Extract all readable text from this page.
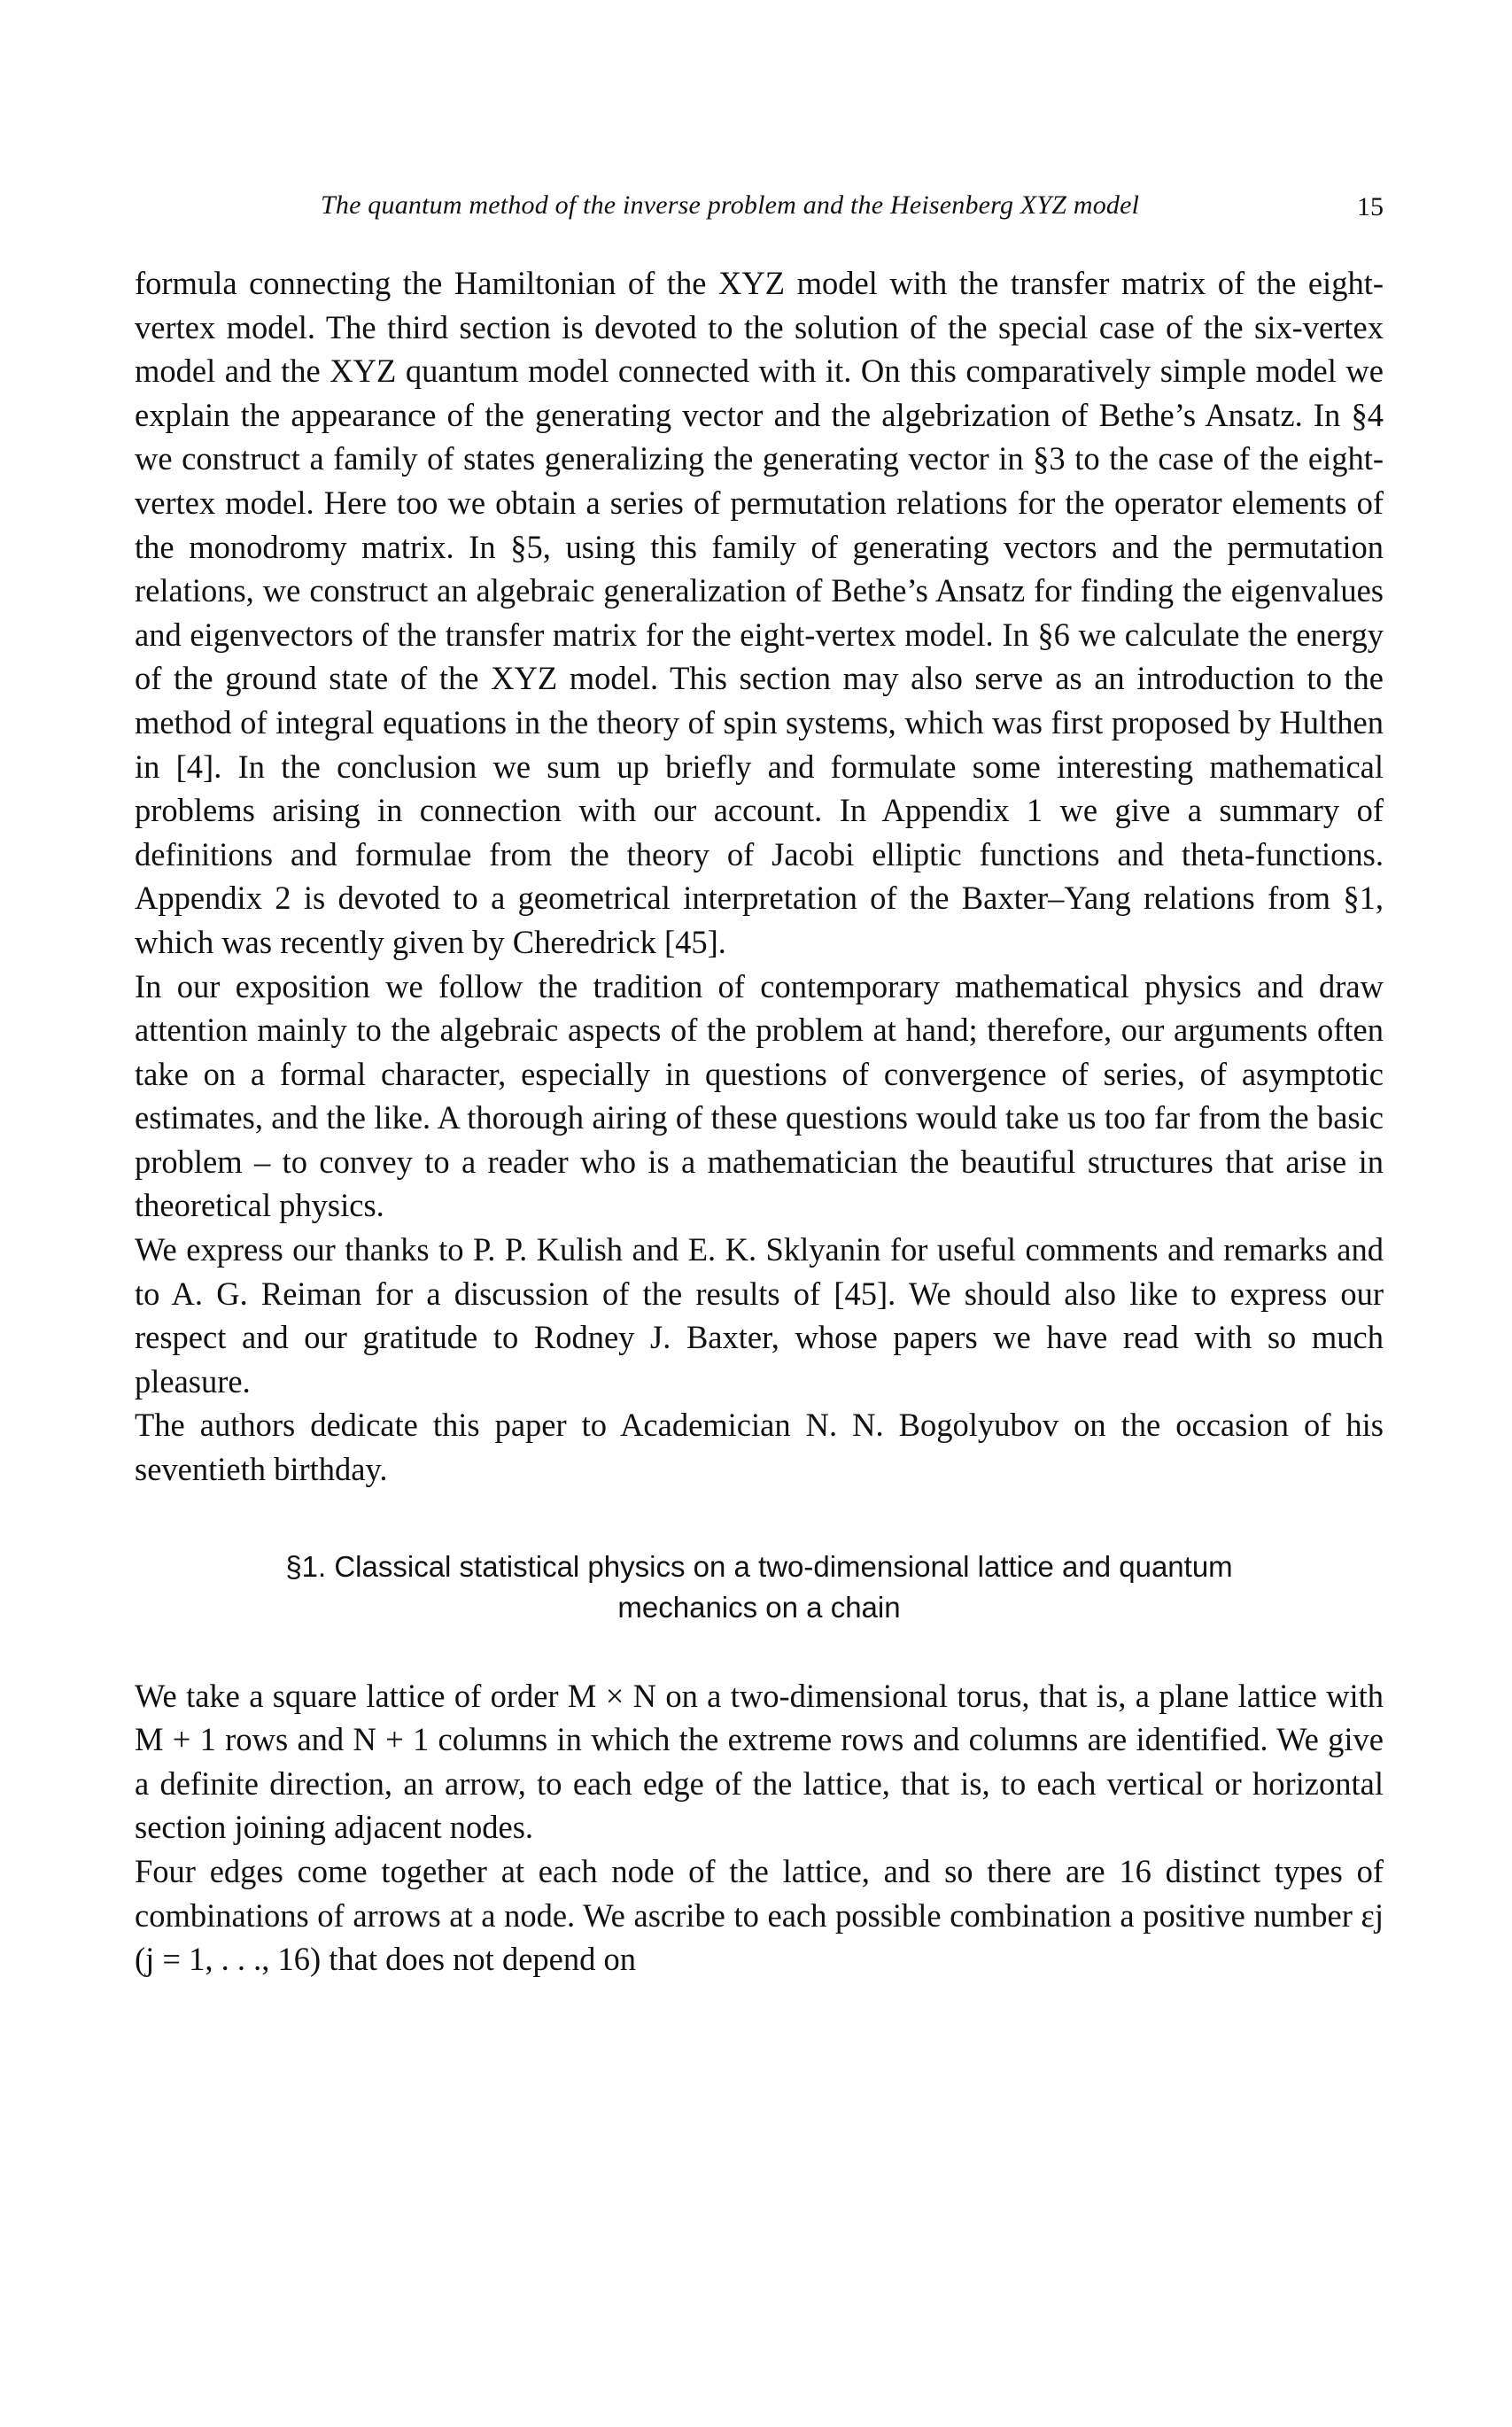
The quantum method of the inverse problem and the Heisenberg XYZ model	15

formula connecting the Hamiltonian of the XYZ model with the transfer matrix of the eight-vertex model. The third section is devoted to the solution of the special case of the six-vertex model and the XYZ quantum model connected with it. On this comparatively simple model we explain the appearance of the generating vector and the algebrization of Bethe’s Ansatz. In §4 we construct a family of states generalizing the generating vector in §3 to the case of the eight-vertex model. Here too we obtain a series of permutation relations for the operator elements of the monodromy matrix. In §5, using this family of generating vectors and the permutation relations, we construct an algebraic generalization of Bethe’s Ansatz for finding the eigenvalues and eigenvectors of the transfer matrix for the eight-vertex model. In §6 we calculate the energy of the ground state of the XYZ model. This section may also serve as an introduction to the method of integral equations in the theory of spin systems, which was first proposed by Hulthen in [4]. In the conclusion we sum up briefly and formulate some interesting mathematical problems arising in connection with our account. In Appendix 1 we give a summary of definitions and formulae from the theory of Jacobi elliptic functions and theta-functions. Appendix 2 is devoted to a geometrical interpretation of the Baxter–Yang relations from §1, which was recently given by Cheredrick [45].

In our exposition we follow the tradition of contemporary mathematical physics and draw attention mainly to the algebraic aspects of the problem at hand; therefore, our arguments often take on a formal character, especially in questions of convergence of series, of asymptotic estimates, and the like. A thorough airing of these questions would take us too far from the basic problem – to convey to a reader who is a mathematician the beautiful structures that arise in theoretical physics.

We express our thanks to P. P. Kulish and E. K. Sklyanin for useful comments and remarks and to A. G. Reiman for a discussion of the results of [45]. We should also like to express our respect and our gratitude to Rodney J. Baxter, whose papers we have read with so much pleasure.

The authors dedicate this paper to Academician N. N. Bogolyubov on the occasion of his seventieth birthday.

§1. Classical statistical physics on a two-dimensional lattice and quantum
mechanics on a chain

We take a square lattice of order M × N on a two-dimensional torus, that is, a plane lattice with M + 1 rows and N + 1 columns in which the extreme rows and columns are identified. We give a definite direction, an arrow, to each edge of the lattice, that is, to each vertical or horizontal section joining adjacent nodes.

Four edges come together at each node of the lattice, and so there are 16 distinct types of combinations of arrows at a node. We ascribe to each possible combination a positive number εj (j = 1, . . ., 16) that does not depend on
